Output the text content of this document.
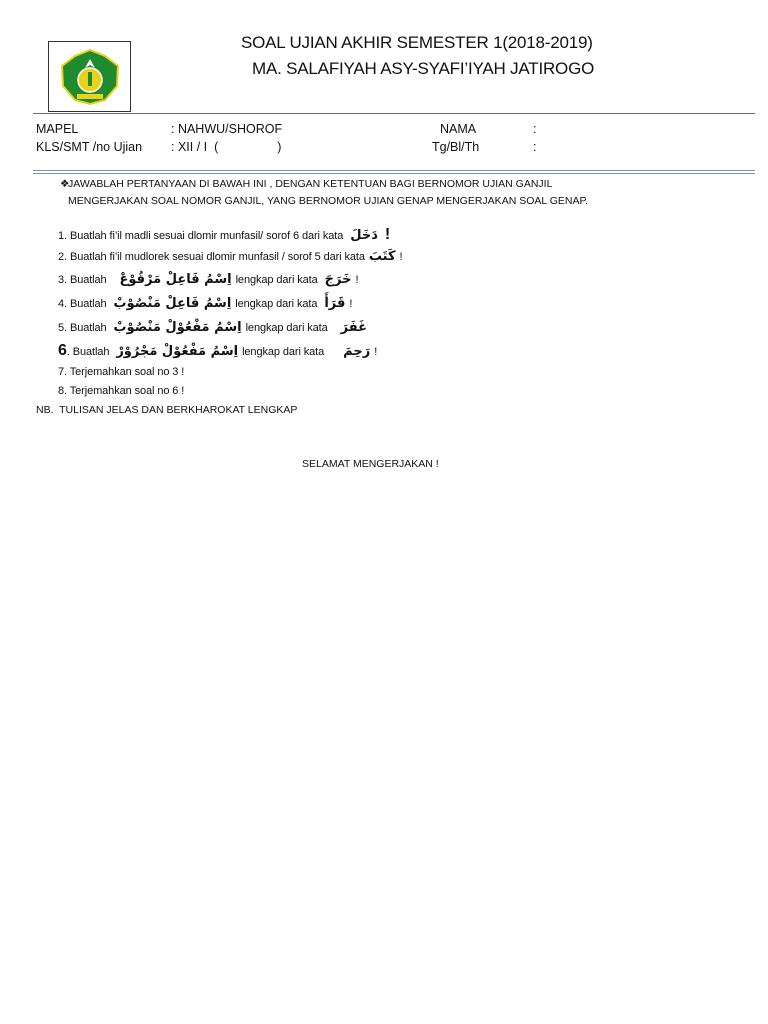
SOAL UJIAN AKHIR SEMESTER 1(2018-2019)
MA. SALAFIYAH ASY-SYAFI’IYAH JATIROGO
MAPEL	: NAHWU/SHOROF
KLS/SMT /no Ujian : XII / I  (                 )
NAMA	:
Tg/Bl/Th	:
❖
JAWABLAH PERTANYAAN DI BAWAH INI , DENGAN KETENTUAN BAGI BERNOMOR UJIAN GANJIL
MENGERJAKAN SOAL NOMOR GANJIL, YANG BERNOMOR UJIAN GENAP MENGERJAKAN SOAL GENAP.
1. Buatlah fi’il madli sesuai dlomir munfasil/ sorof 6 dari kata دَخَلَ !
2. Buatlah fi’il mudlorek sesuai dlomir munfasil / sorof 5 dari kata كَتَبَ !
3. Buatlah اِسْمُ فَاعِلْ مَرْفُوْعْ lengkap dari kata خَرَجَ !
4. Buatlah اِسْمُ فَاعِلْ مَنْصُوْبْ lengkap dari kata قَرَأَ !
5. Buatlah اِسْمُ مَفْعُوْلْ مَنْصُوْبْ lengkap dari kata غَفَرَ
6. Buatlah اِسْمُ مَفْعُوْلْ مَجْرُوْرْ lengkap dari kata رَحِمَ !
7. Terjemahkan soal no 3 !
8. Terjemahkan soal no 6 !
NB.  TULISAN JELAS DAN BERKHAROKAT LENGKAP
SELAMAT MENGERJAKAN !
